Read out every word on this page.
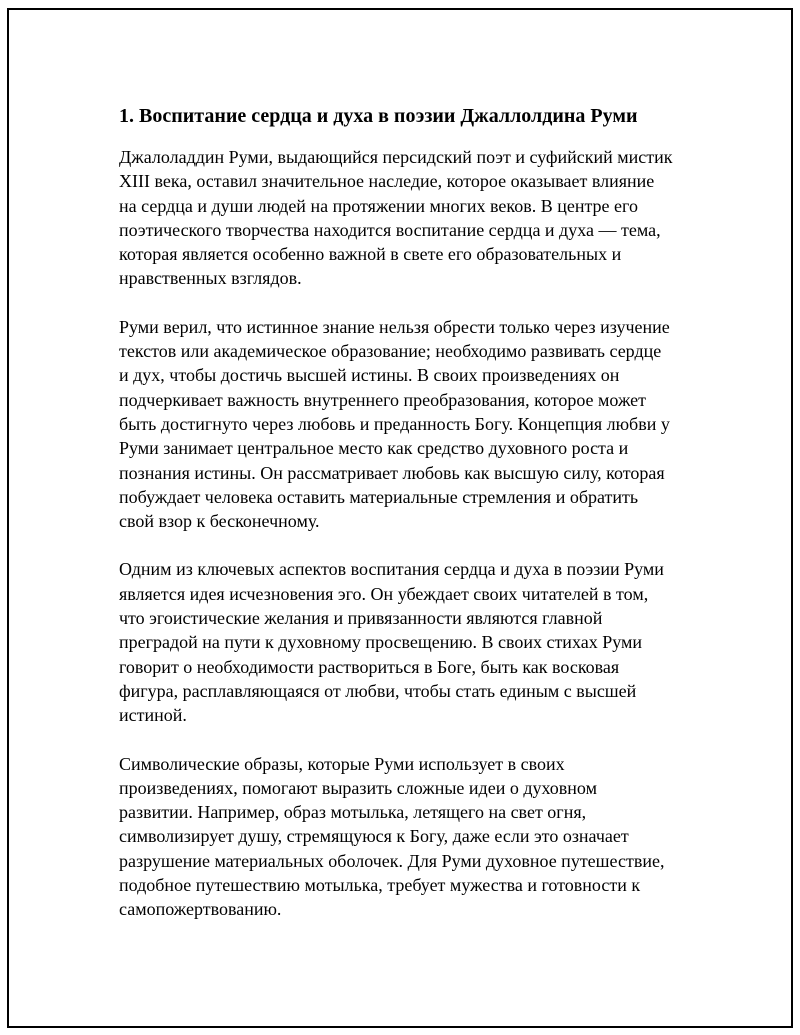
1. Воспитание сердца и духа в поэзии Джаллолдина Руми
Джалоладдин Руми, выдающийся персидский поэт и суфийский мистик
XIII века, оставил значительное наследие, которое оказывает влияние
на сердца и души людей на протяжении многих веков. В центре его
поэтического творчества находится воспитание сердца и духа — тема,
которая является особенно важной в свете его образовательных и
нравственных взглядов.
Руми верил, что истинное знание нельзя обрести только через изучение
текстов или академическое образование; необходимо развивать сердце
и дух, чтобы достичь высшей истины. В своих произведениях он
подчеркивает важность внутреннего преобразования, которое может
быть достигнуто через любовь и преданность Богу. Концепция любви у
Руми занимает центральное место как средство духовного роста и
познания истины. Он рассматривает любовь как высшую силу, которая
побуждает человека оставить материальные стремления и обратить
свой взор к бесконечному.
Одним из ключевых аспектов воспитания сердца и духа в поэзии Руми
является идея исчезновения эго. Он убеждает своих читателей в том,
что эгоистические желания и привязанности являются главной
преградой на пути к духовному просвещению. В своих стихах Руми
говорит о необходимости раствориться в Боге, быть как восковая
фигура, расплавляющаяся от любви, чтобы стать единым с высшей
истиной.
Символические образы, которые Руми использует в своих
произведениях, помогают выразить сложные идеи о духовном
развитии. Например, образ мотылька, летящего на свет огня,
символизирует душу, стремящуюся к Богу, даже если это означает
разрушение материальных оболочек. Для Руми духовное путешествие,
подобное путешествию мотылька, требует мужества и готовности к
самопожертвованию.
